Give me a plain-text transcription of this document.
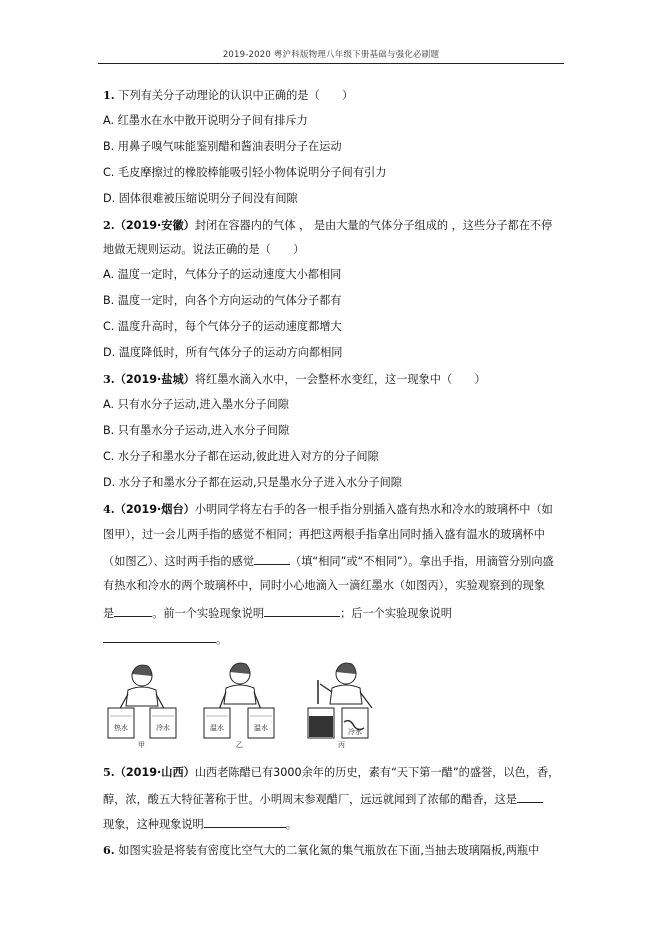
2019-2020 粤沪科版物理八年级下册基础与强化必刷题
1. 下列有关分子动理论的认识中正确的是（　　）
A. 红墨水在水中散开说明分子间有排斥力
B. 用鼻子嗅气味能鉴别醋和酱油表明分子在运动
C. 毛皮摩擦过的橡胶棒能吸引轻小物体说明分子间有引力
D. 固体很难被压缩说明分子间没有间隙
2.（2019·安徽）封闭在容器内的气体 ， 是由大量的气体分子组成的 ，这些分子都在不停
地做无规则运动。说法正确的是（　　）
A. 温度一定时，气体分子的运动速度大小都相同
B. 温度一定时，向各个方向运动的气体分子都有
C. 温度升高时，每个气体分子的运动速度都增大
D. 温度降低时，所有气体分子的运动方向都相同
3.（2019·盐城）将红墨水滴入水中，一会整杯水变红，这一现象中（　　）
A. 只有水分子运动,进入墨水分子间隙
B. 只有墨水分子运动,进入水分子间隙
C. 水分子和墨水分子都在运动,彼此进入对方的分子间隙
D. 水分子和墨水分子都在运动,只是墨水分子进入水分子间隙
4.（2019·烟台）小明同学将左右手的各一根手指分别插入盛有热水和冷水的玻璃杯中（如
图甲），过一会儿两手指的感觉不相同；再把这两根手指拿出同时插入盛有温水的玻璃杯中
（如图乙）、这时两手指的感觉	（填“相同”或“不相同”）。拿出手指，用滴管分别向盛
有热水和冷水的两个玻璃杯中，同时小心地滴入一滴红墨水（如图丙），实验观察到的现象
是	。前一个实验现象说明	；后一个实验现象说明
。
热水	冷水
甲
温水	温水
乙
冷水
丙
5.（2019·山西）山西老陈醋已有3000余年的历史，素有“天下第一醋”的盛誉，以色，香，
醇，浓，酸五大特征著称于世。小明周末参观醋厂，远远就闻到了浓郁的醋香，这是
现象，这种现象说明	。
6. 如图实验是将装有密度比空气大的二氧化氮的集气瓶放在下面,当抽去玻璃隔板,两瓶中
